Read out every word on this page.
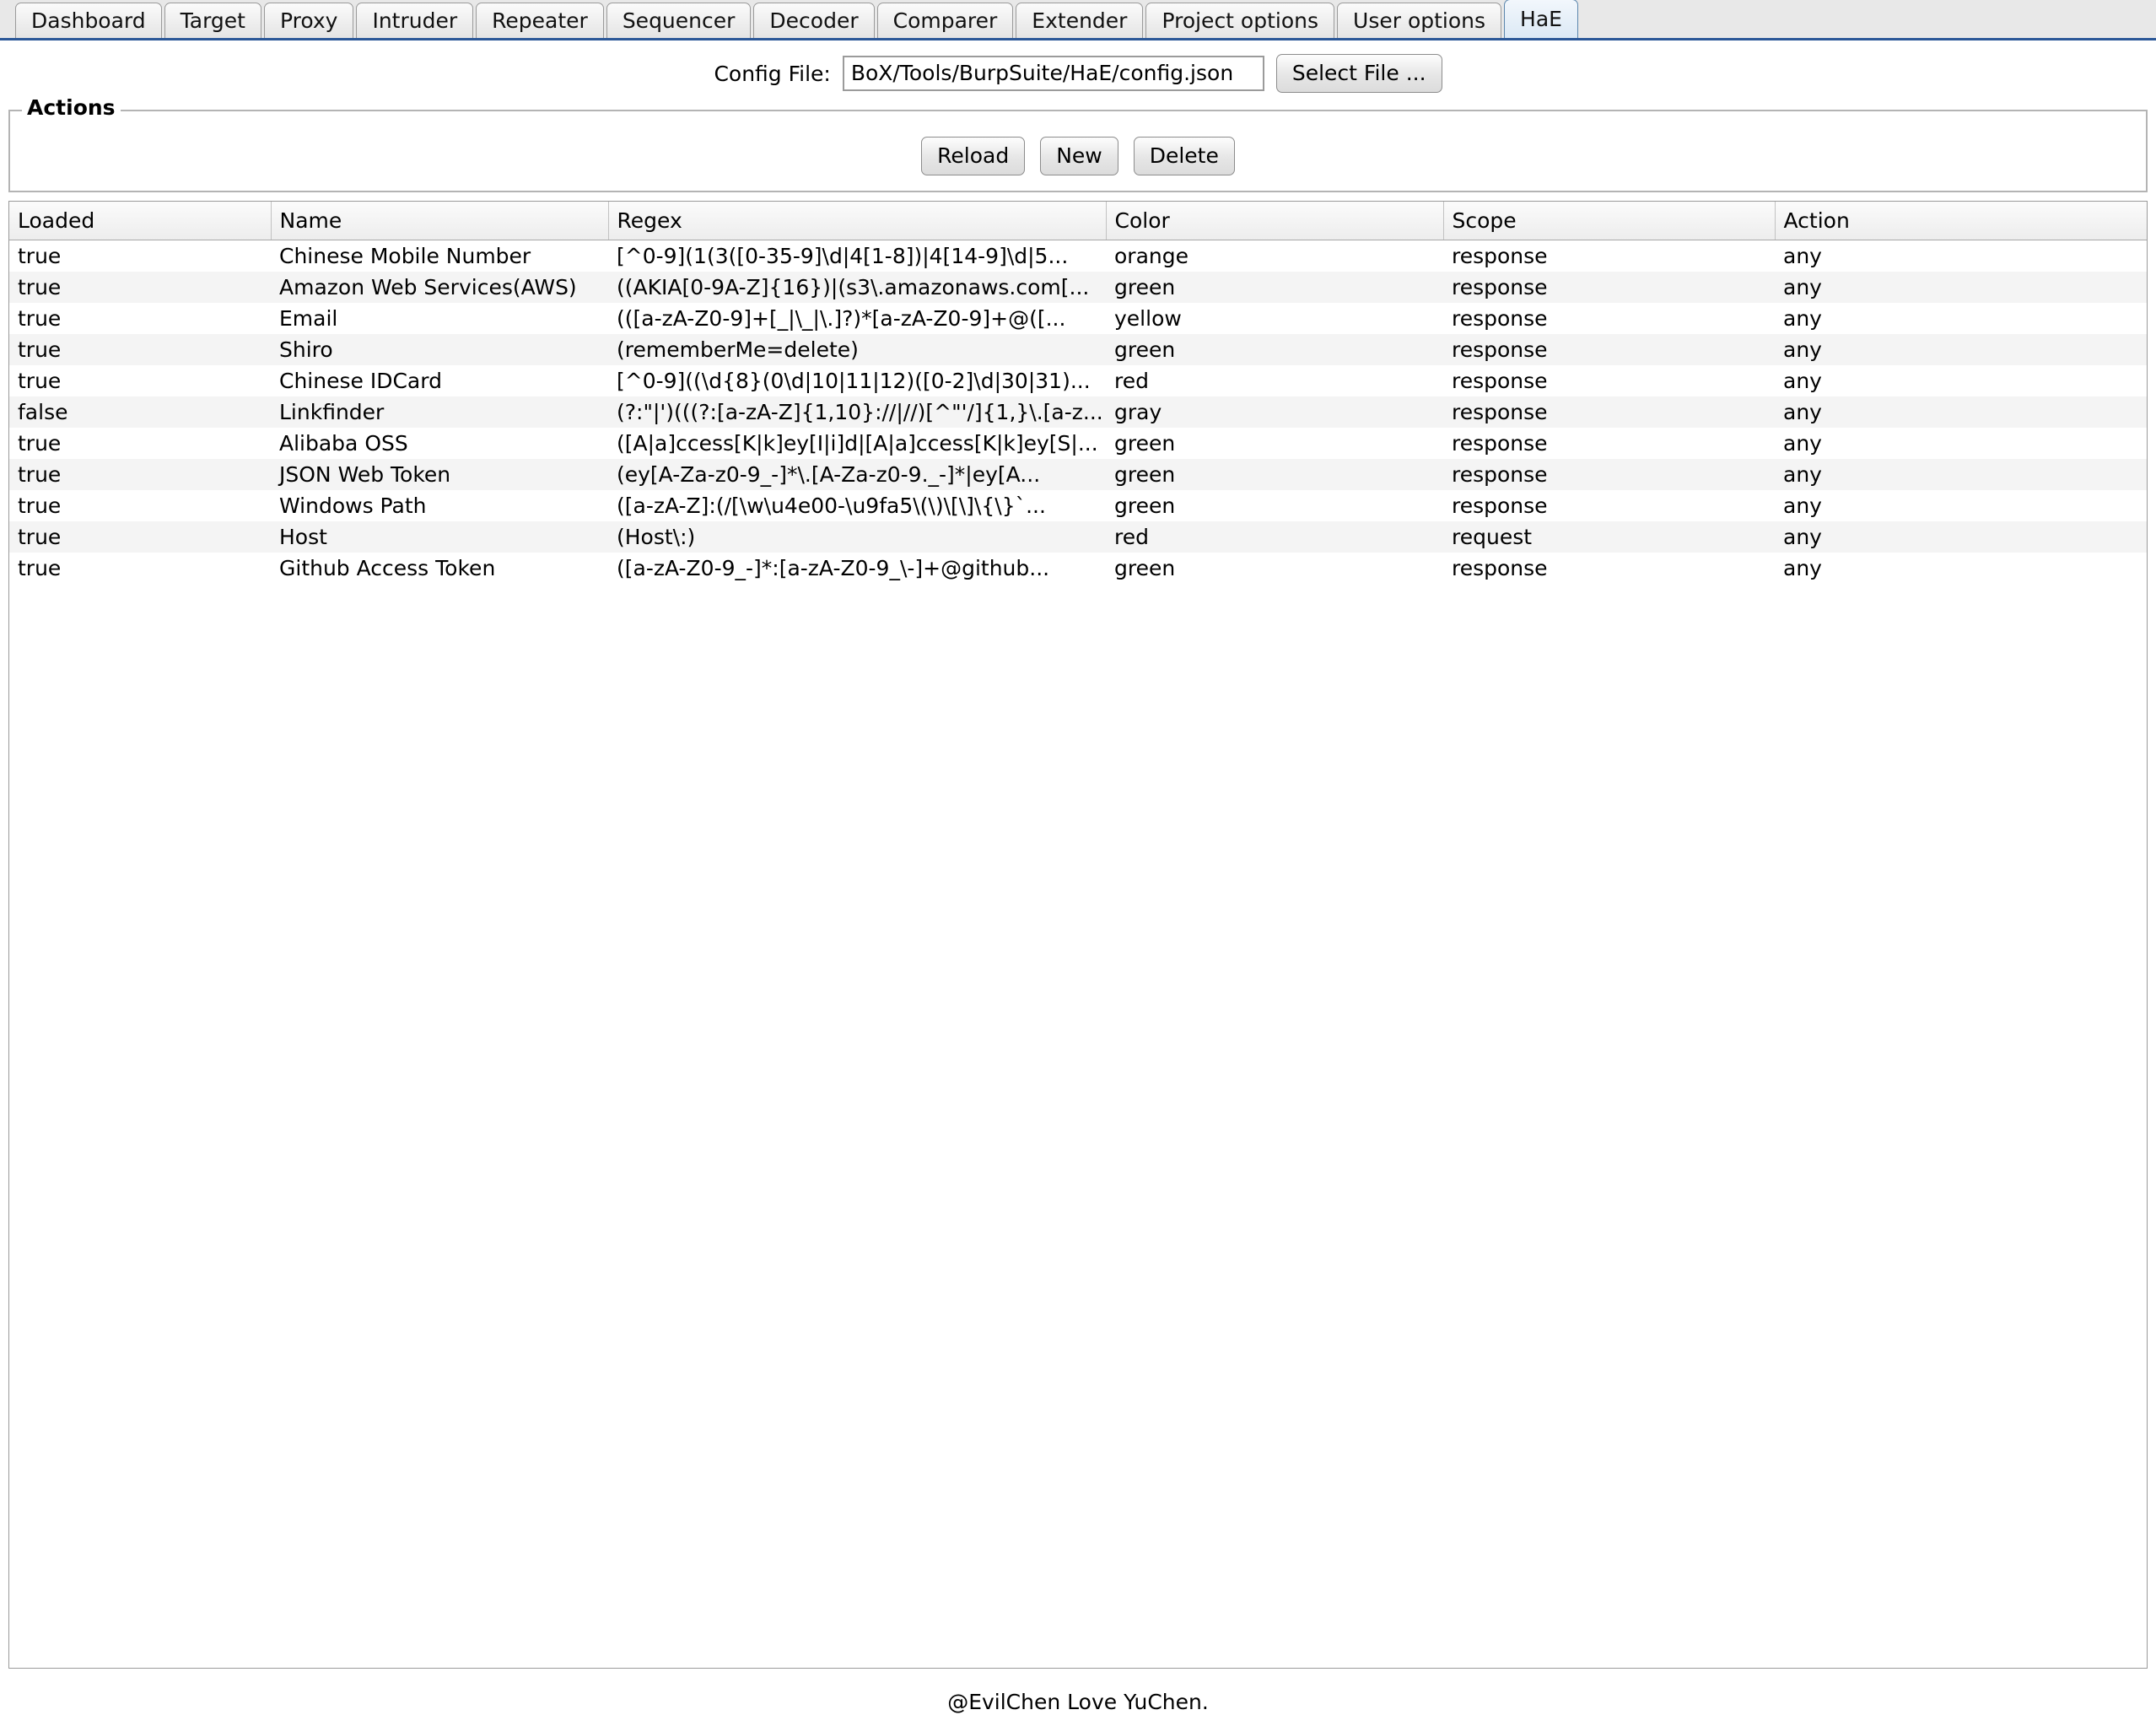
Dashboard	Target	Proxy	Intruder	Repeater	Sequencer	Decoder	Comparer	Extender	Project options	User options	HaE
Config File:
BoX/Tools/BurpSuite/HaE/config.json	Select File ...
Actions
Reload	New	Delete
Loaded	Name	Regex	Color	Scope	Action
true	Chinese Mobile Number	[^0-9](1(3([0-35-9]\d|4[1-8])|4[14-9]\d|5...	orange	response	any
true	Amazon Web Services(AWS)	((AKIA[0-9A-Z]{16})|(s3\.amazonaws.com[...	green	response	any
true	Email	(([a-zA-Z0-9]+[_|\_|\.]?)*[a-zA-Z0-9]+@([...	yellow	response	any
true	Shiro	(rememberMe=delete)	green	response	any
true	Chinese IDCard	[^0-9]((\d{8}(0\d|10|11|12)([0-2]\d|30|31)...	red	response	any
false	Linkfinder	(?:"|')(((?:[a-zA-Z]{1,10}://|//)[^"'/]{1,}\.[a-z...	gray	response	any
true	Alibaba OSS	([A|a]ccess[K|k]ey[I|i]d|[A|a]ccess[K|k]ey[S|...	green	response	any
true	JSON Web Token	(ey[A-Za-z0-9_-]*\.[A-Za-z0-9._-]*|ey[A...	green	response	any
true	Windows Path	([a-zA-Z]:(/[\w\u4e00-\u9fa5\(\)\[\]\{\}`...	green	response	any
true	Host	(Host\:)	red	request	any
true	Github Access Token	([a-zA-Z0-9_-]*:[a-zA-Z0-9_\-]+@github...	green	response	any
@EvilChen Love YuChen.
